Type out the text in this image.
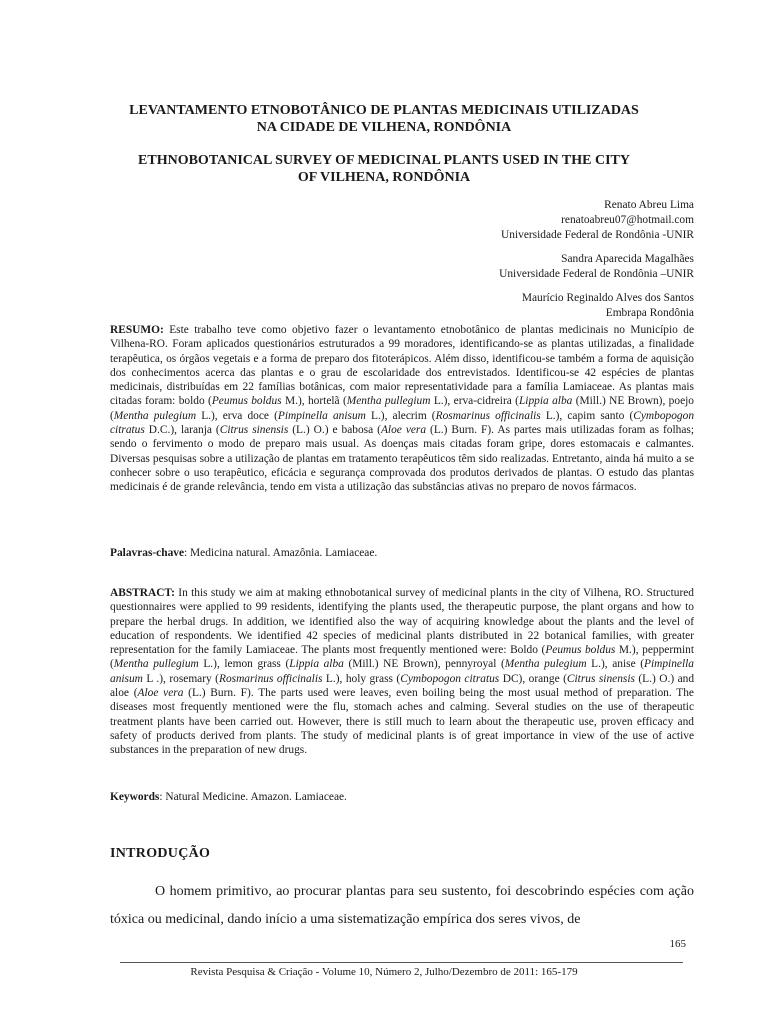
LEVANTAMENTO ETNOBOTÂNICO DE PLANTAS MEDICINAIS UTILIZADAS
NA CIDADE DE VILHENA, RONDÔNIA
ETHNOBOTANICAL SURVEY OF MEDICINAL PLANTS USED IN THE CITY
OF VILHENA, RONDÔNIA
Renato Abreu Lima
renatoabreu07@hotmail.com
Universidade Federal de Rondônia -UNIR
Sandra Aparecida Magalhães
Universidade Federal de Rondônia –UNIR
Maurício Reginaldo Alves dos Santos
Embrapa Rondônia
RESUMO: Este trabalho teve como objetivo fazer o levantamento etnobotânico de plantas medicinais no Município de Vilhena-RO. Foram aplicados questionários estruturados a 99 moradores, identificando-se as plantas utilizadas, a finalidade terapêutica, os órgãos vegetais e a forma de preparo dos fitoterápicos. Além disso, identificou-se também a forma de aquisição dos conhecimentos acerca das plantas e o grau de escolaridade dos entrevistados. Identificou-se 42 espécies de plantas medicinais, distribuídas em 22 famílias botânicas, com maior representatividade para a família Lamiaceae. As plantas mais citadas foram: boldo (Peumus boldus M.), hortelã (Mentha pullegium L.), erva-cidreira (Lippia alba (Mill.) NE Brown), poejo (Mentha pulegium L.), erva doce (Pimpinella anisum L.), alecrim (Rosmarinus officinalis L.), capim santo (Cymbopogon citratus D.C.), laranja (Citrus sinensis (L.) O.) e babosa (Aloe vera (L.) Burn. F). As partes mais utilizadas foram as folhas; sendo o fervimento o modo de preparo mais usual. As doenças mais citadas foram gripe, dores estomacais e calmantes. Diversas pesquisas sobre a utilização de plantas em tratamento terapêuticos têm sido realizadas. Entretanto, ainda há muito a se conhecer sobre o uso terapêutico, eficácia e segurança comprovada dos produtos derivados de plantas. O estudo das plantas medicinais é de grande relevância, tendo em vista a utilização das substâncias ativas no preparo de novos fármacos.
Palavras-chave: Medicina natural. Amazônia. Lamiaceae.
ABSTRACT: In this study we aim at making ethnobotanical survey of medicinal plants in the city of Vilhena, RO. Structured questionnaires were applied to 99 residents, identifying the plants used, the therapeutic purpose, the plant organs and how to prepare the herbal drugs. In addition, we identified also the way of acquiring knowledge about the plants and the level of education of respondents. We identified 42 species of medicinal plants distributed in 22 botanical families, with greater representation for the family Lamiaceae. The plants most frequently mentioned were: Boldo (Peumus boldus M.), peppermint (Mentha pullegium L.), lemon grass (Lippia alba (Mill.) NE Brown), pennyroyal (Mentha pulegium L.), anise (Pimpinella anisum L .), rosemary (Rosmarinus officinalis L.), holy grass (Cymbopogon citratus DC), orange (Citrus sinensis (L.) O.) and aloe (Aloe vera (L.) Burn. F). The parts used were leaves, even boiling being the most usual method of preparation. The diseases most frequently mentioned were the flu, stomach aches and calming. Several studies on the use of therapeutic treatment plants have been carried out. However, there is still much to learn about the therapeutic use, proven efficacy and safety of products derived from plants. The study of medicinal plants is of great importance in view of the use of active substances in the preparation of new drugs.
Keywords: Natural Medicine. Amazon. Lamiaceae.
INTRODUÇÃO
O homem primitivo, ao procurar plantas para seu sustento, foi descobrindo espécies com ação tóxica ou medicinal, dando início a uma sistematização empírica dos seres vivos, de
165
Revista Pesquisa & Criação - Volume 10, Número 2, Julho/Dezembro de 2011: 165-179
